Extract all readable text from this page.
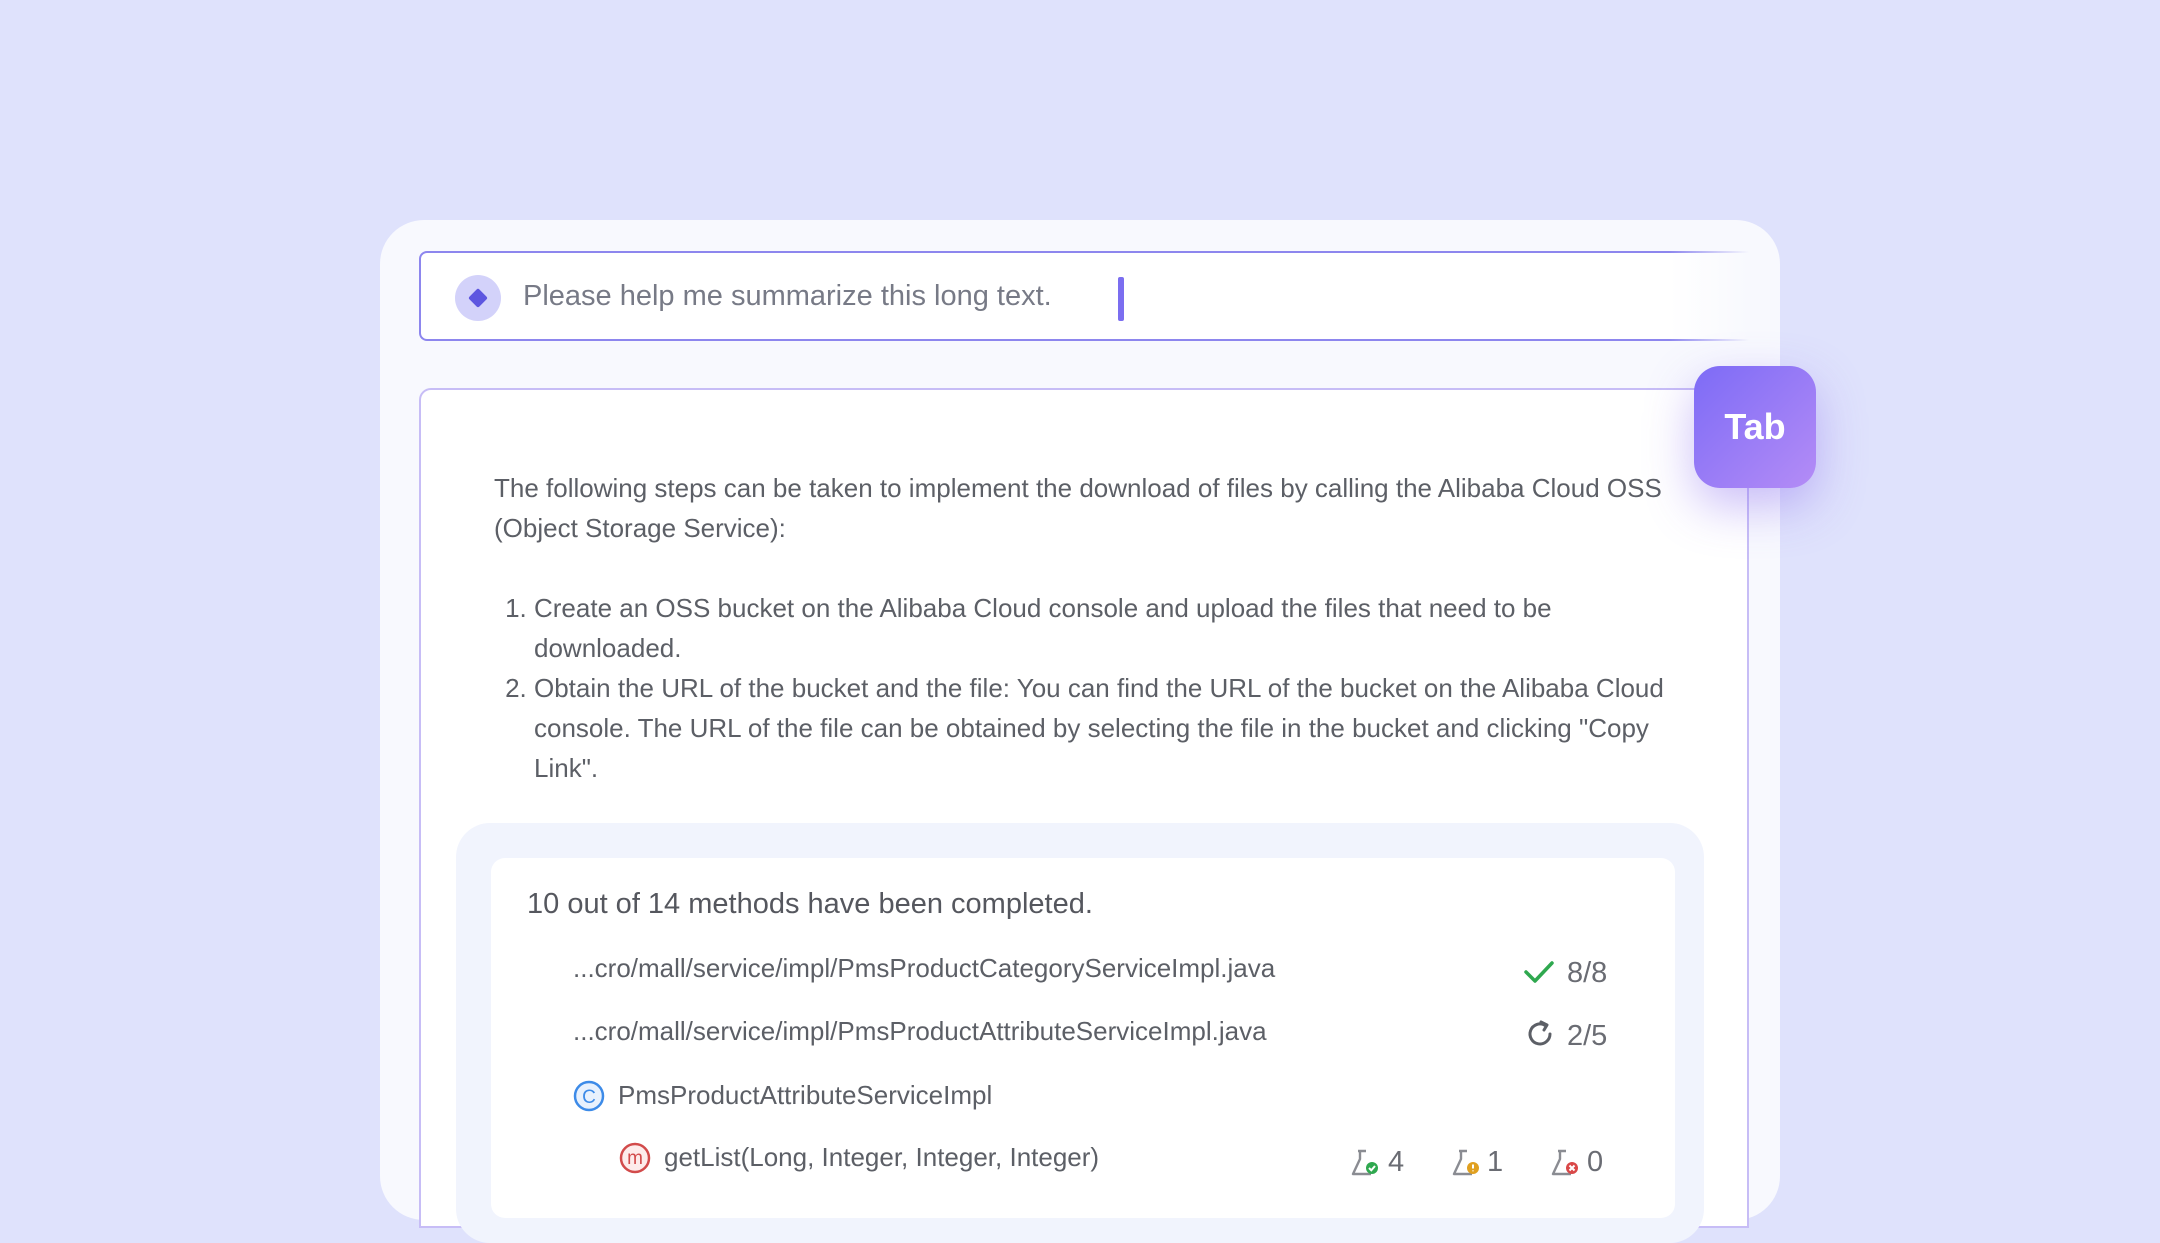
Please help me summarize this long text.

The following steps can be taken to implement the download of files by calling the Alibaba Cloud OSS (Object Storage Service):

1. Create an OSS bucket on the Alibaba Cloud console and upload the files that need to be downloaded.
2. Obtain the URL of the bucket and the file: You can find the URL of the bucket on the Alibaba Cloud console. The URL of the file can be obtained by selecting the file in the bucket and clicking "Copy Link".
Tab
10 out of 14 methods have been completed.
...cro/mall/service/impl/PmsProductCategoryServiceImpl.java	8/8
...cro/mall/service/impl/PmsProductAttributeServiceImpl.java	2/5
C PmsProductAttributeServiceImpl
m getList(Long, Integer, Integer, Integer)	4	1	0
